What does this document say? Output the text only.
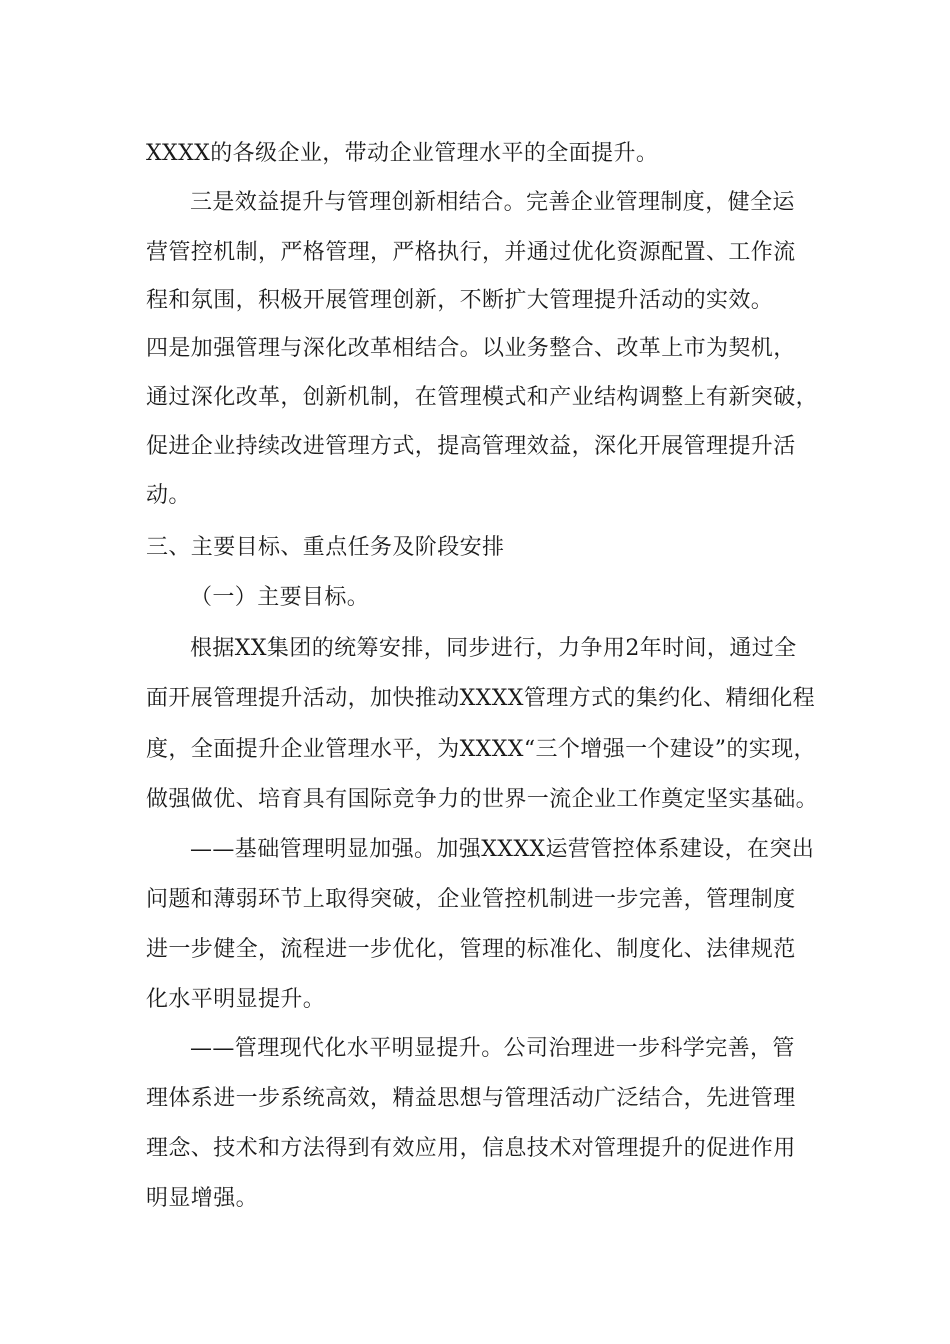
XXXX的各级企业，带动企业管理水平的全面提升。
三是效益提升与管理创新相结合。完善企业管理制度，健全运
营管控机制，严格管理，严格执行，并通过优化资源配置、工作流
程和氛围，积极开展管理创新，不断扩大管理提升活动的实效。
四是加强管理与深化改革相结合。以业务整合、改革上市为契机，
通过深化改革，创新机制，在管理模式和产业结构调整上有新突破，
促进企业持续改进管理方式，提高管理效益，深化开展管理提升活
动。
三、主要目标、重点任务及阶段安排
（一）主要目标。
根据XX集团的统筹安排，同步进行，力争用2年时间，通过全
面开展管理提升活动，加快推动XXXX管理方式的集约化、精细化程
度，全面提升企业管理水平，为XXXX“三个增强一个建设”的实现，
做强做优、培育具有国际竞争力的世界一流企业工作奠定坚实基础。
——基础管理明显加强。加强XXXX运营管控体系建设，在突出
问题和薄弱环节上取得突破，企业管控机制进一步完善，管理制度
进一步健全，流程进一步优化，管理的标准化、制度化、法律规范
化水平明显提升。
——管理现代化水平明显提升。公司治理进一步科学完善，管
理体系进一步系统高效，精益思想与管理活动广泛结合，先进管理
理念、技术和方法得到有效应用，信息技术对管理提升的促进作用
明显增强。
